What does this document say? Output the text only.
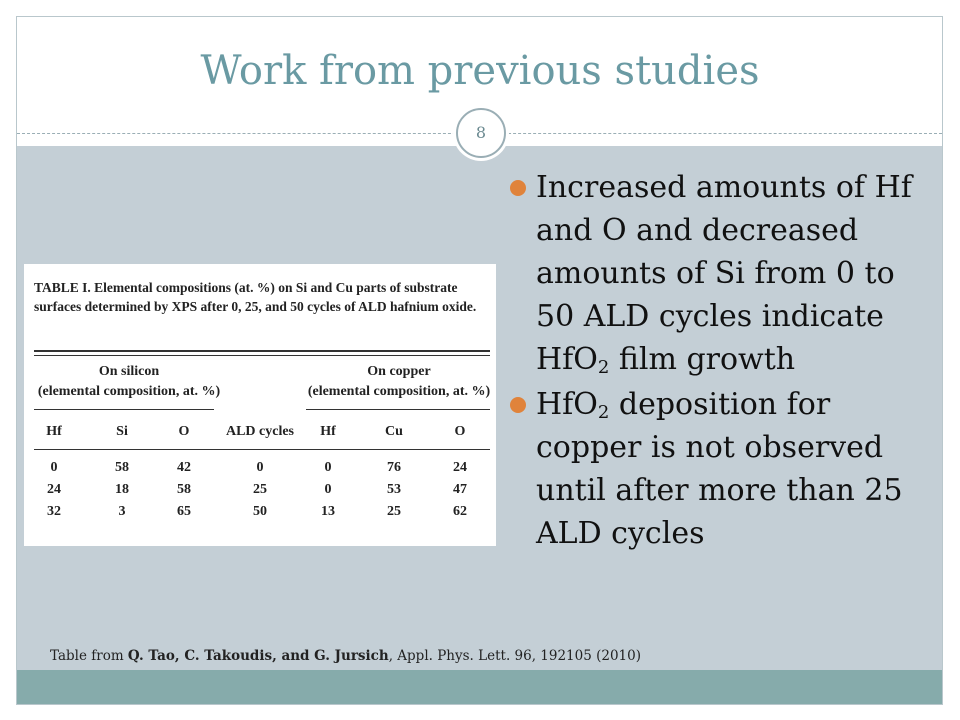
Work from previous studies
8
Increased amounts of Hf and O and decreased amounts of Si from 0 to 50 ALD cycles indicate HfO$_2$ film growth
HfO$_2$ deposition for copper is not observed until after more than 25 ALD cycles
TABLE I. Elemental compositions (at. %) on Si and Cu parts of substrate surfaces determined by XPS after 0, 25, and 50 cycles of ALD hafnium oxide.
On silicon
(elemental composition, at. %)
On copper
(elemental composition, at. %)
Hf	Si	O	ALD cycles	Hf	Cu	O
0	58	42	0	0	76	24
24	18	58	25	0	53	47
32	3	65	50	13	25	62
Table from Q. Tao, C. Takoudis, and G. Jursich, Appl. Phys. Lett. 96, 192105 (2010)
